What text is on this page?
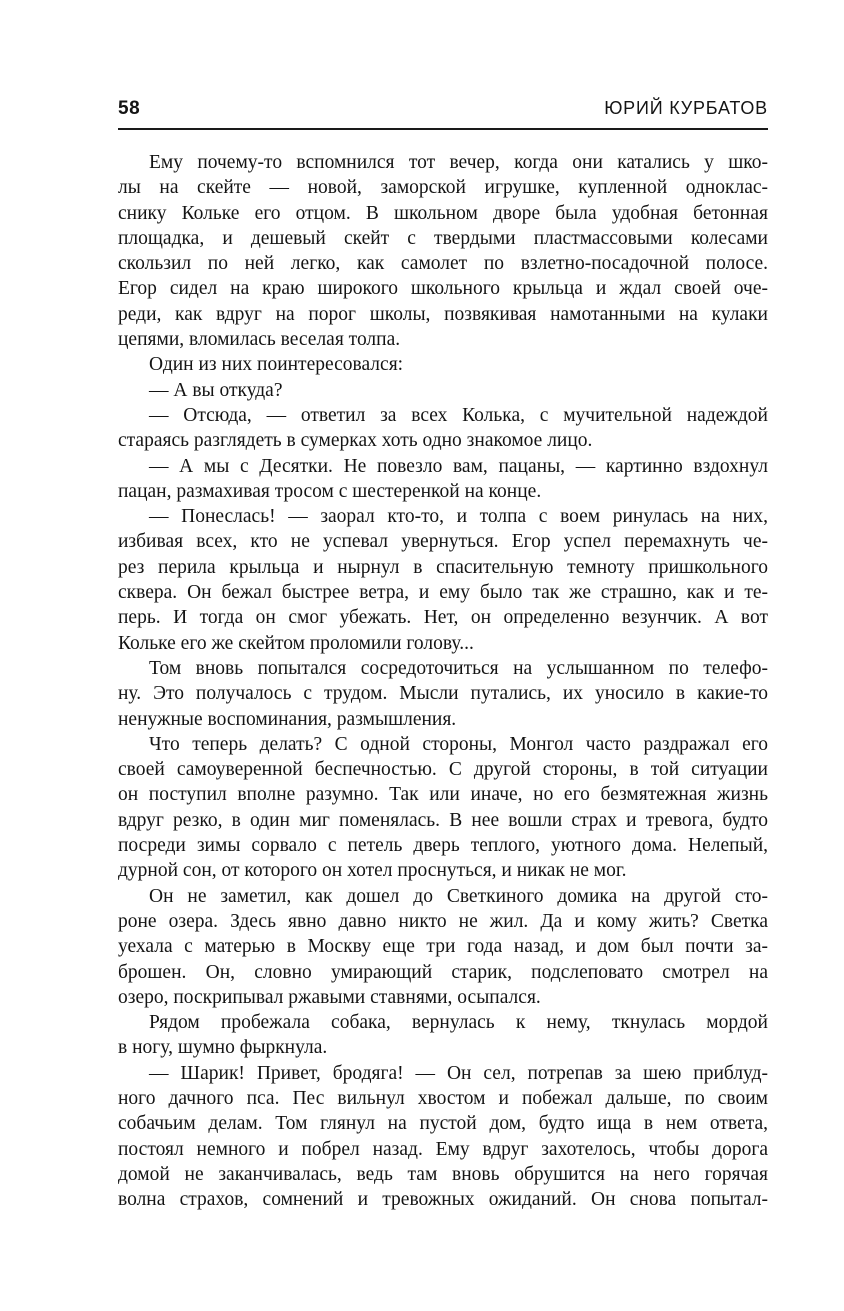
58	ЮРИЙ КУРБАТОВ
Ему почему-то вспомнился тот вечер, когда они катались у шко-
лы на скейте — новой, заморской игрушке, купленной однoклас-
снику Кольке его отцом. В школьном дворе была удобная бетонная
площадка, и дешевый скейт с твердыми пластмассовыми колесами
скользил по ней легко, как самолет по взлетно-посадочной полосе.
Егор сидел на краю широкого школьного крыльца и ждал своей оче-
реди, как вдруг на порог школы, позвякивая намотанными на кулаки
цепями, вломилась веселая толпа.
Один из них поинтересовался:
— А вы откуда?
— Отсюда, — ответил за всех Колька, с мучительной надеждой
стараясь разглядеть в сумерках хоть одно знакомое лицо.
— А мы с Десятки. Не повезло вам, пацаны, — картинно вздохнул
пацан, размахивая тросом с шестеренкой на конце.
— Понеслась! — заорал кто-то, и толпа с воем ринулась на них,
избивая всех, кто не успевал увернуться. Егор успел перемахнуть че-
рез перила крыльца и нырнул в спасительную темноту пришкольного
сквера. Он бежал быстрее ветра, и ему было так же страшно, как и те-
перь. И тогда он смог убежать. Нет, он определенно везунчик. А вот
Кольке его же скейтом проломили голову...
Том вновь попытался сосредоточиться на услышанном по телефо-
ну. Это получалось с трудом. Мысли путались, их уносило в какие-то
ненужные воспоминания, размышления.
Что теперь делать? С одной стороны, Монгол часто раздражал его
своей самоуверенной беспечностью. С другой стороны, в той ситуации
он поступил вполне разумно. Так или иначе, но его безмятежная жизнь
вдруг резко, в один миг поменялась. В нее вошли страх и тревога, будто
посреди зимы сорвало с петель дверь теплого, уютного дома. Нелепый,
дурной сон, от которого он хотел проснуться, и никак не мог.
Он не заметил, как дошел до Светкиного домика на другой сто-
роне озера. Здесь явно давно никто не жил. Да и кому жить? Светка
уехала с матерью в Москву еще три года назад, и дом был почти за-
брошен. Он, словно умирающий старик, подслеповато смотрел на
озеро, поскрипывал ржавыми ставнями, осыпался.
Рядом пробежала собака, вернулась к нему, ткнулась мордой
в ногу, шумно фыркнула.
— Шарик! Привет, бродяга! — Он сел, потрепав за шею приблуд-
ного дачного пса. Пес вильнул хвостом и побежал дальше, по своим
собачьим делам. Том глянул на пустой дом, будто ища в нем ответа,
постоял немного и побрел назад. Ему вдруг захотелось, чтобы дорога
домой не заканчивалась, ведь там вновь обрушится на него горячая
волна страхов, сомнений и тревожных ожиданий. Он снова попытал-
